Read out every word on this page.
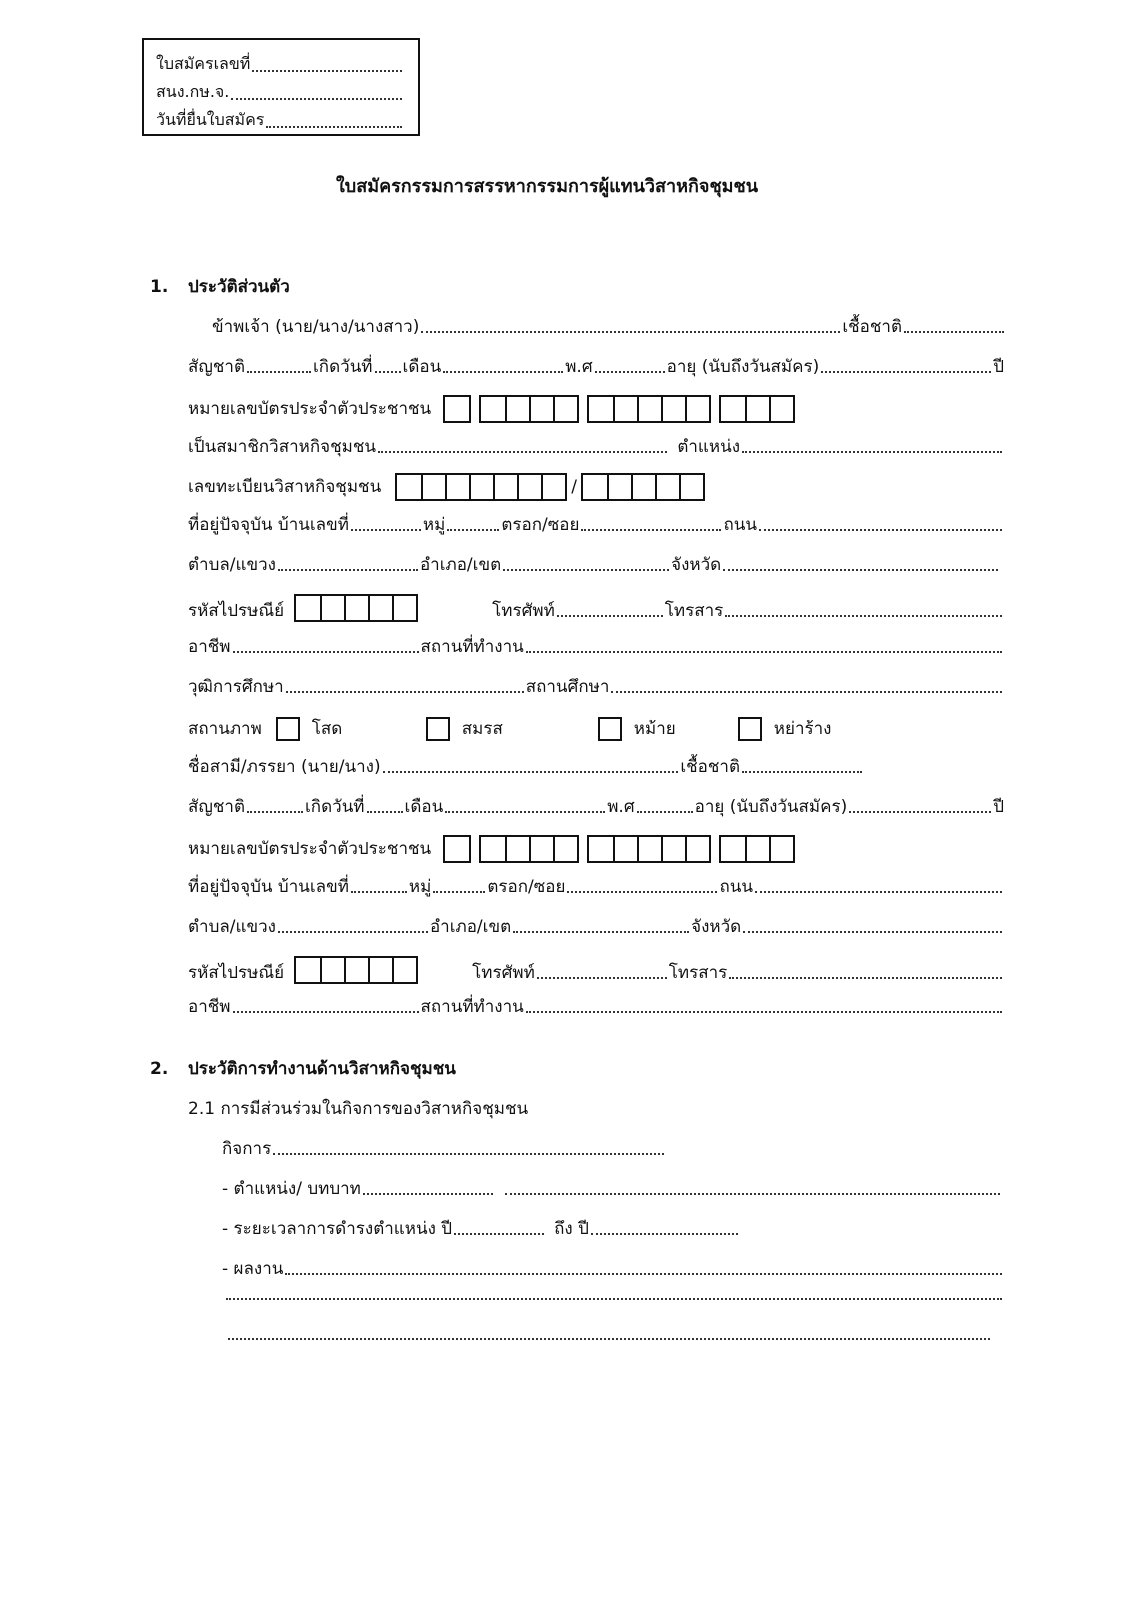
ใบสมัครเลขที่
สนง.กษ.จ.
วันที่ยื่นใบสมัคร
ใบสมัครกรรมการสรรหากรรมการผู้แทนวิสาหกิจชุมชน
1. ประวัติส่วนตัว
ข้าพเจ้า (นาย/นาง/นางสาว)	เชื้อชาติ
สัญชาติ	เกิดวันที่ เดือน	พ.ศ	อายุ (นับถึงวันสมัคร)	ปี
หมายเลขบัตรประจำตัวประชาชน
เป็นสมาชิกวิสาหกิจชุมชน	ตำแหน่ง
เลขทะเบียนวิสาหกิจชุมชน	/
ที่อยู่ปัจจุบัน บ้านเลขที่	หมู่	ตรอก/ซอย	ถนน
ตำบล/แขวง	อำเภอ/เขต	จังหวัด
รหัสไปรษณีย์	โทรศัพท์	โทรสาร
อาชีพ	สถานที่ทำงาน
วุฒิการศึกษา	สถานศึกษา
สถานภาพ	โสด	สมรส	หม้าย	หย่าร้าง
ชื่อสามี/ภรรยา (นาย/นาง)	เชื้อชาติ
สัญชาติ	เกิดวันที่ เดือน	พ.ศ	อายุ (นับถึงวันสมัคร)	ปี
หมายเลขบัตรประจำตัวประชาชน
ที่อยู่ปัจจุบัน บ้านเลขที่	หมู่	ตรอก/ซอย	ถนน
ตำบล/แขวง	อำเภอ/เขต	จังหวัด
รหัสไปรษณีย์	โทรศัพท์	โทรสาร
อาชีพ	สถานที่ทำงาน
2. ประวัติการทำงานด้านวิสาหกิจชุมชน
2.1 การมีส่วนร่วมในกิจการของวิสาหกิจชุมชน
กิจการ
- ตำแหน่ง/ บทบาท
- ระยะเวลาการดำรงตำแหน่ง ปี	ถึง ปี
- ผลงาน
